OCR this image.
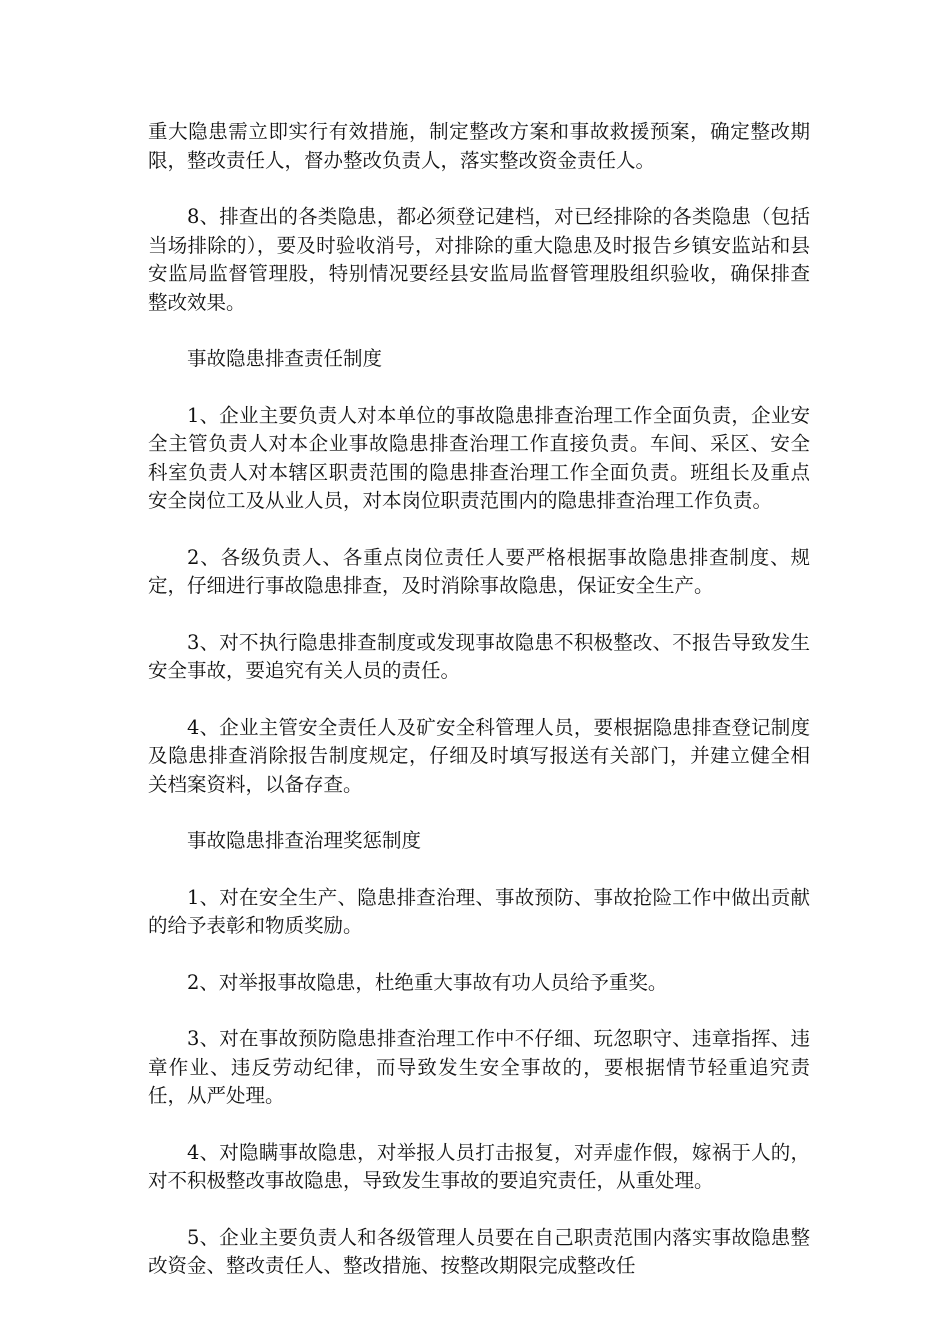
重大隐患需立即实行有效措施，制定整改方案和事故救援预案，确定整改期限，整改责任人，督办整改负责人，落实整改资金责任人。

8、排查出的各类隐患，都必须登记建档，对已经排除的各类隐患（包括当场排除的），要及时验收消号，对排除的重大隐患及时报告乡镇安监站和县安监局监督管理股，特别情况要经县安监局监督管理股组织验收，确保排查整改效果。

事故隐患排查责任制度

1、企业主要负责人对本单位的事故隐患排查治理工作全面负责，企业安全主管负责人对本企业事故隐患排查治理工作直接负责。车间、采区、安全科室负责人对本辖区职责范围的隐患排查治理工作全面负责。班组长及重点安全岗位工及从业人员，对本岗位职责范围内的隐患排查治理工作负责。

2、各级负责人、各重点岗位责任人要严格根据事故隐患排查制度、规定，仔细进行事故隐患排查，及时消除事故隐患，保证安全生产。

3、对不执行隐患排查制度或发现事故隐患不积极整改、不报告导致发生安全事故，要追究有关人员的责任。

4、企业主管安全责任人及矿安全科管理人员，要根据隐患排查登记制度及隐患排查消除报告制度规定，仔细及时填写报送有关部门，并建立健全相关档案资料，以备存查。

事故隐患排查治理奖惩制度

1、对在安全生产、隐患排查治理、事故预防、事故抢险工作中做出贡献的给予表彰和物质奖励。

2、对举报事故隐患，杜绝重大事故有功人员给予重奖。

3、对在事故预防隐患排查治理工作中不仔细、玩忽职守、违章指挥、违章作业、违反劳动纪律，而导致发生安全事故的，要根据情节轻重追究责任，从严处理。

4、对隐瞒事故隐患，对举报人员打击报复，对弄虚作假，嫁祸于人的，对不积极整改事故隐患，导致发生事故的要追究责任，从重处理。

5、企业主要负责人和各级管理人员要在自己职责范围内落实事故隐患整改资金、整改责任人、整改措施、按整改期限完成整改任
